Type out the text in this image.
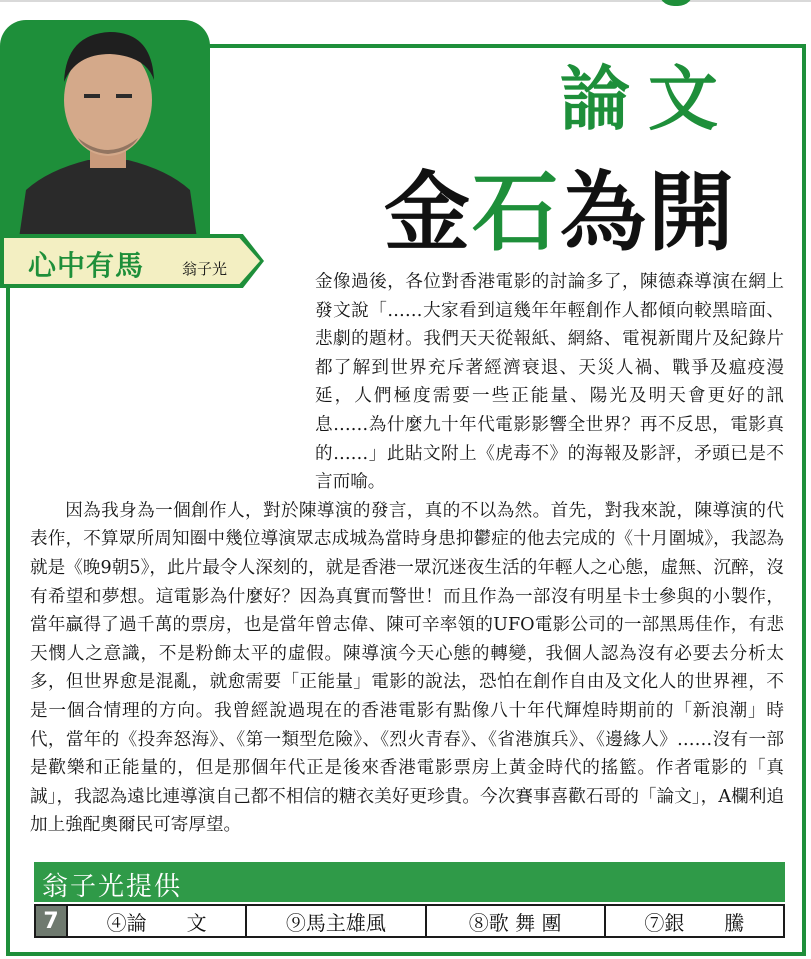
心中有馬	翁子光
論文
金石為開

金像過後，各位對香港電影的討論多了，陳德森導演在網上發文說「……大家看到這幾年年輕創作人都傾向較黑暗面、悲劇的題材。我們天天從報紙、網絡、電視新聞片及紀錄片都了解到世界充斥著經濟衰退、天災人禍、戰爭及瘟疫漫延，人們極度需要一些正能量、陽光及明天會更好的訊息……為什麼九十年代電影影響全世界？再不反思，電影真的……」此貼文附上《虎毒不》的海報及影評，矛頭已是不言而喻。

因為我身為一個創作人，對於陳導演的發言，真的不以為然。首先，對我來說，陳導演的代表作，不算眾所周知圈中幾位導演眾志成城為當時身患抑鬱症的他去完成的《十月圍城》，我認為就是《晚9朝5》，此片最令人深刻的，就是香港一眾沉迷夜生活的年輕人之心態，虛無、沉醉，沒有希望和夢想。這電影為什麼好？因為真實而警世！而且作為一部沒有明星卡士參與的小製作，當年贏得了過千萬的票房，也是當年曾志偉、陳可辛率領的UFO電影公司的一部黑馬佳作，有悲天憫人之意識，不是粉飾太平的虛假。陳導演今天心態的轉變，我個人認為沒有必要去分析太多，但世界愈是混亂，就愈需要「正能量」電影的說法，恐怕在創作自由及文化人的世界裡，不是一個合情理的方向。我曾經說過現在的香港電影有點像八十年代輝煌時期前的「新浪潮」時代，當年的《投奔怒海》、《第一類型危險》、《烈火青春》、《省港旗兵》、《邊緣人》……沒有一部是歡樂和正能量的，但是那個年代正是後來香港電影票房上黃金時代的搖籃。作者電影的「真誠」，我認為遠比連導演自己都不相信的糖衣美好更珍貴。今次賽事喜歡石哥的「論文」，A欄利追加上強配奧爾民可寄厚望。

翁子光提供
7	④論　　文	⑨馬主雄風	⑧歌 舞 團	⑦銀　　騰
